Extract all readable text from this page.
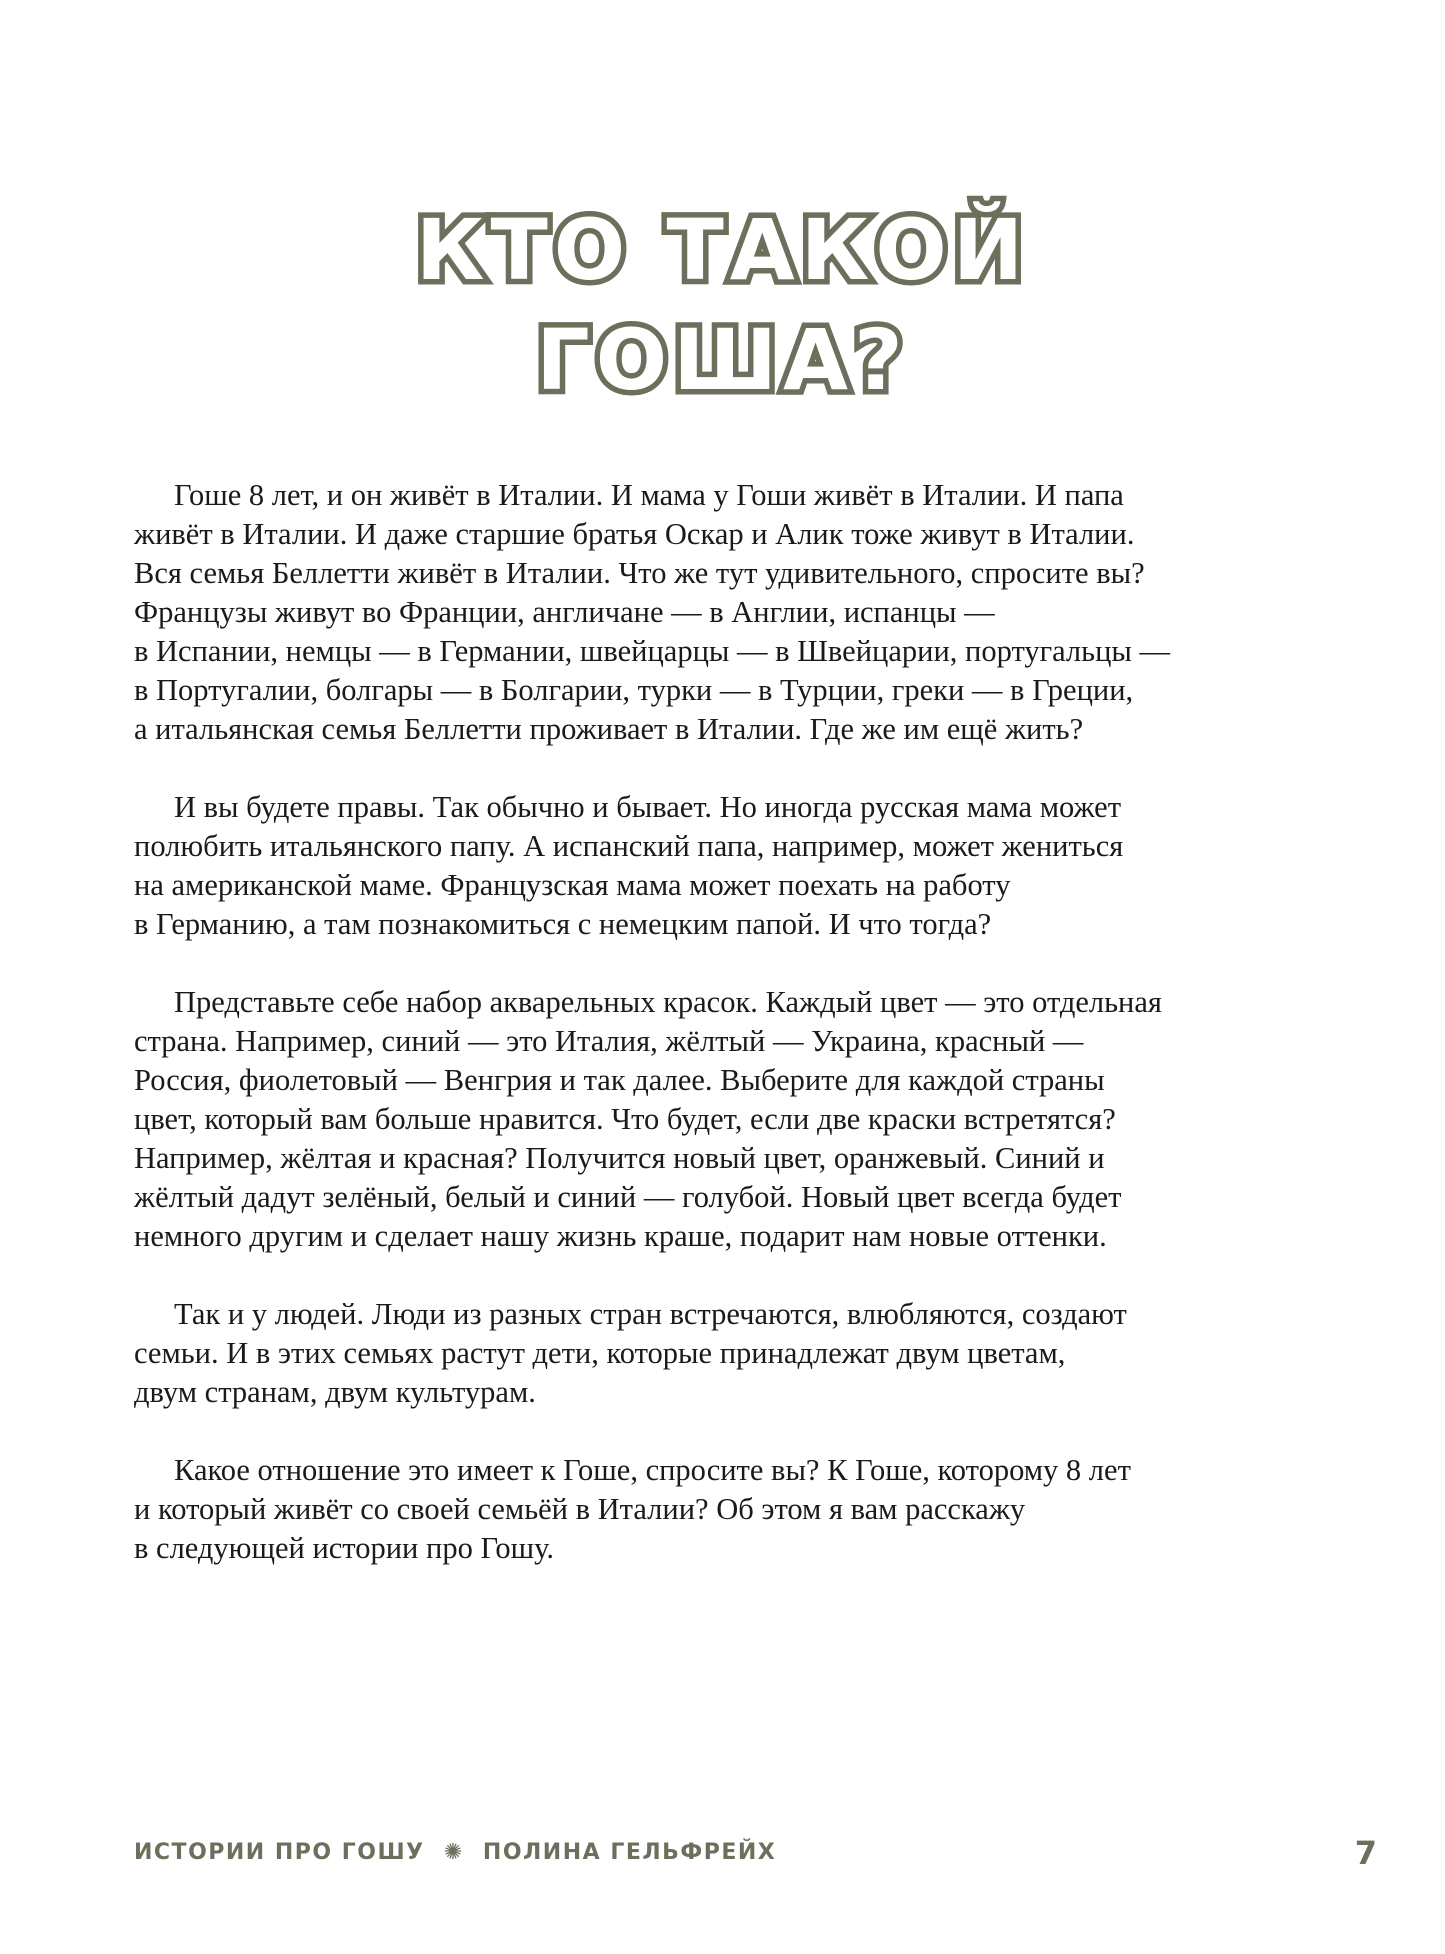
КТО ТАКОЙ
ГОША?

Гоше 8 лет, и он живёт в Италии. И мама у Гоши живёт в Италии. И папа
живёт в Италии. И даже старшие братья Оскар и Алик тоже живут в Италии.
Вся семья Беллетти живёт в Италии. Что же тут удивительного, спросите вы?
Французы живут во Франции, англичане — в Англии, испанцы —
в Испании, немцы — в Германии, швейцарцы — в Швейцарии, португальцы —
в Португалии, болгары — в Болгарии, турки — в Турции, греки — в Греции,
а итальянская семья Беллетти проживает в Италии. Где же им ещё жить?

И вы будете правы. Так обычно и бывает. Но иногда русская мама может
полюбить итальянского папу. А испанский папа, например, может жениться
на американской маме. Французская мама может поехать на работу
в Германию, а там познакомиться с немецким папой. И что тогда?

Представьте себе набор акварельных красок. Каждый цвет — это отдельная
страна. Например, синий — это Италия, жёлтый — Украина, красный —
Россия, фиолетовый — Венгрия и так далее. Выберите для каждой страны
цвет, который вам больше нравится. Что будет, если две краски встретятся?
Например, жёлтая и красная? Получится новый цвет, оранжевый. Синий и
жёлтый дадут зелёный, белый и синий — голубой. Новый цвет всегда будет
немного другим и сделает нашу жизнь краше, подарит нам новые оттенки.

Так и у людей. Люди из разных стран встречаются, влюбляются, создают
семьи. И в этих семьях растут дети, которые принадлежат двум цветам,
двум странам, двум культурам.

Какое отношение это имеет к Гоше, спросите вы? К Гоше, которому 8 лет
и который живёт со своей семьёй в Италии? Об этом я вам расскажу
в следующей истории про Гошу.

ИСТОРИИ ПРО ГОШУ ✺ ПОЛИНА ГЕЛЬФРЕЙХ	7
